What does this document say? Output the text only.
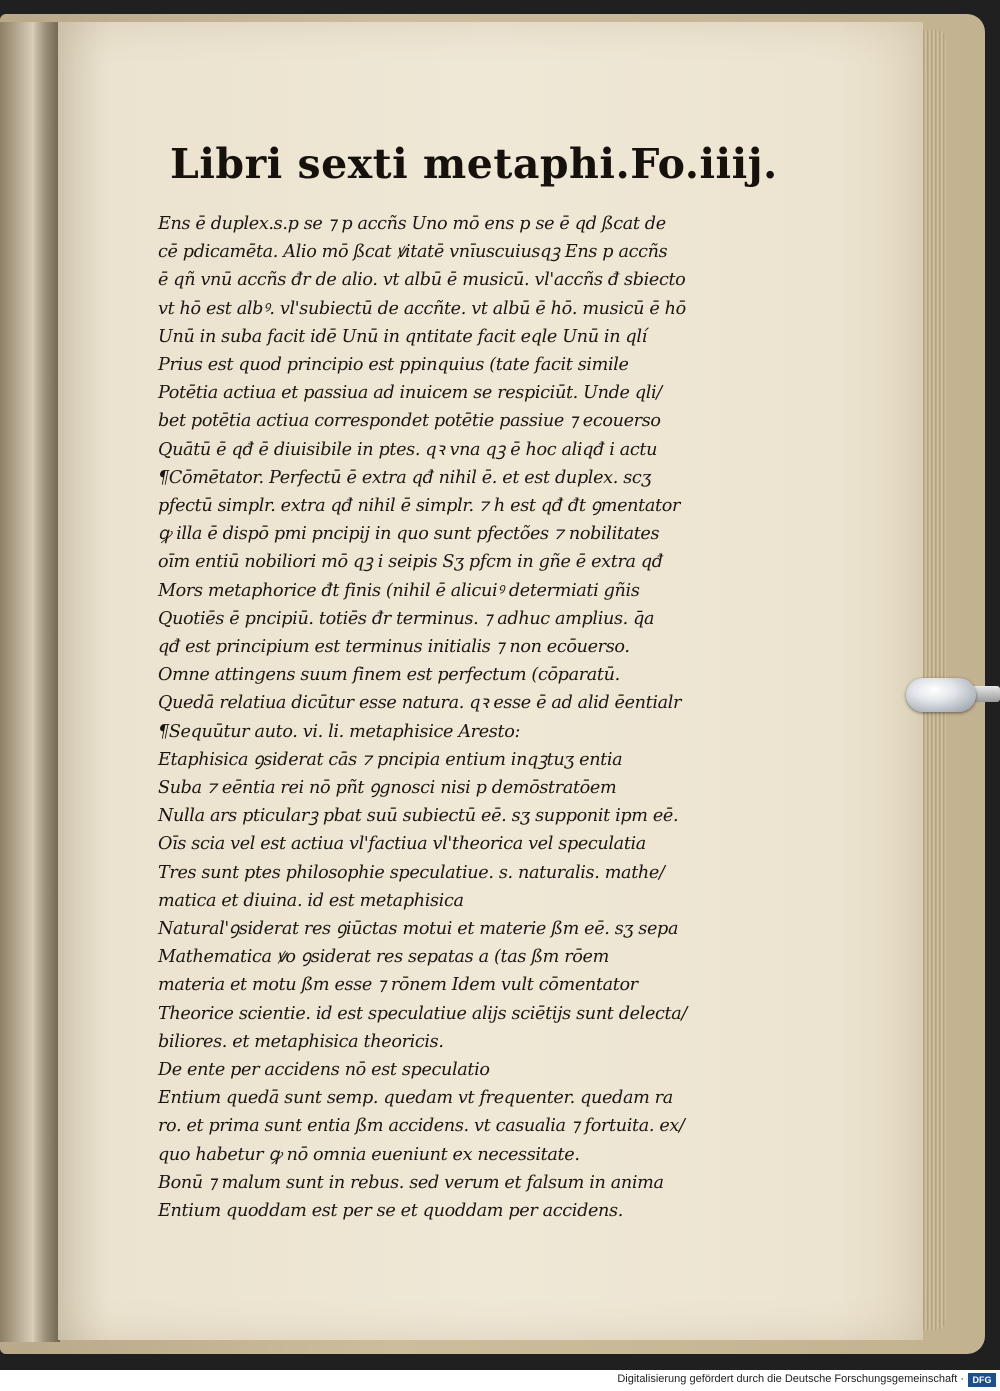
Libri sexti metaphi.Fo.iiij.
Ens ē duplex.s.p se ⁊ p accñs Uno mō ens p se ē qd ßcat de
cē pdicamēta. Alio mō ßcat ꝟitatē vnīuscuiusqꝫ Ens p accñs
ē qñ vnū accñs đr de alio. vt albū ē musicū. vl'accñs đ sbiecto
vt hō est albꝰ. vl'subiectū de accñte. vt albū ē hō. musicū ē hō
Unū in suba facit idē Unū in qntitate facit eqle Unū in qlí
Prius est quod principio est ppinquius (tate facit simile
Potētia actiua et passiua ad inuicem se respiciūt. Unde qli/
bet potētia actiua correspondet potētie passiue ⁊ ecouerso
Quātū ē qđ ē diuisibile in ptes. qꝛ vna qꝫ ē hoc aliqđ i actu
¶Cōmētator. Perfectū ē extra qđ nihil ē. et est duplex. scʒ
pfectū simplr. extra qđ nihil ē simplr. ⁊ h est qđ đt ꝯmentator
ꝙ illa ē dispō pmi pncipij in quo sunt pfectões ⁊ nobilitates
oīm entiū nobiliori mō qꝫ i seipis Sʒ pfcm in gñe ē extra qđ
Mors metaphorice đt finis (nihil ē alicuiꝰ determiati gñis
Quotiēs ē pncipiū. totiēs đr terminus. ⁊ adhuc amplius. q̄a
qđ est principium est terminus initialis ⁊ non ecōuerso.
Omne attingens suum finem est perfectum (cōparatū.
Quedā relatiua dicūtur esse natura. qꝛ esse ē ad alid ēentialr
¶Sequūtur auto. vi. li. metaphisice Aresto:
Etaphisica ꝯsiderat cās ⁊ pncipia entium inqꝫtuʒ entia
Suba ⁊ eēntia rei nō pñt ꝯgnosci nisi p demōstratōem
Nulla ars pticularꝫ pbat suū subiectū eē. sʒ supponit ipm eē.
Oīs scia vel est actiua vl'factiua vl'theorica vel speculatia
Tres sunt ptes philosophie speculatiue. s. naturalis. mathe/
matica et diuina. id est metaphisica
Natural'ꝯsiderat res ꝯiūctas motui et materie ßm eē. sʒ sepa
Mathematica ꝟo ꝯsiderat res sepatas a (tas ßm rōem
materia et motu ßm esse ⁊ rōnem Idem vult cōmentator
Theorice scientie. id est speculatiue alijs sciētijs sunt delecta/
biliores. et metaphisica theoricis.
De ente per accidens nō est speculatio
Entium quedā sunt semp. quedam vt frequenter. quedam ra
ro. et prima sunt entia ßm accidens. vt casualia ⁊ fortuita. ex/
quo habetur ꝙ nō omnia eueniunt ex necessitate.
Bonū ⁊ malum sunt in rebus. sed verum et falsum in anima
Entium quoddam est per se et quoddam per accidens.
Digitalisierung gefördert durch die Deutsche Forschungsgemeinschaft · DFG
